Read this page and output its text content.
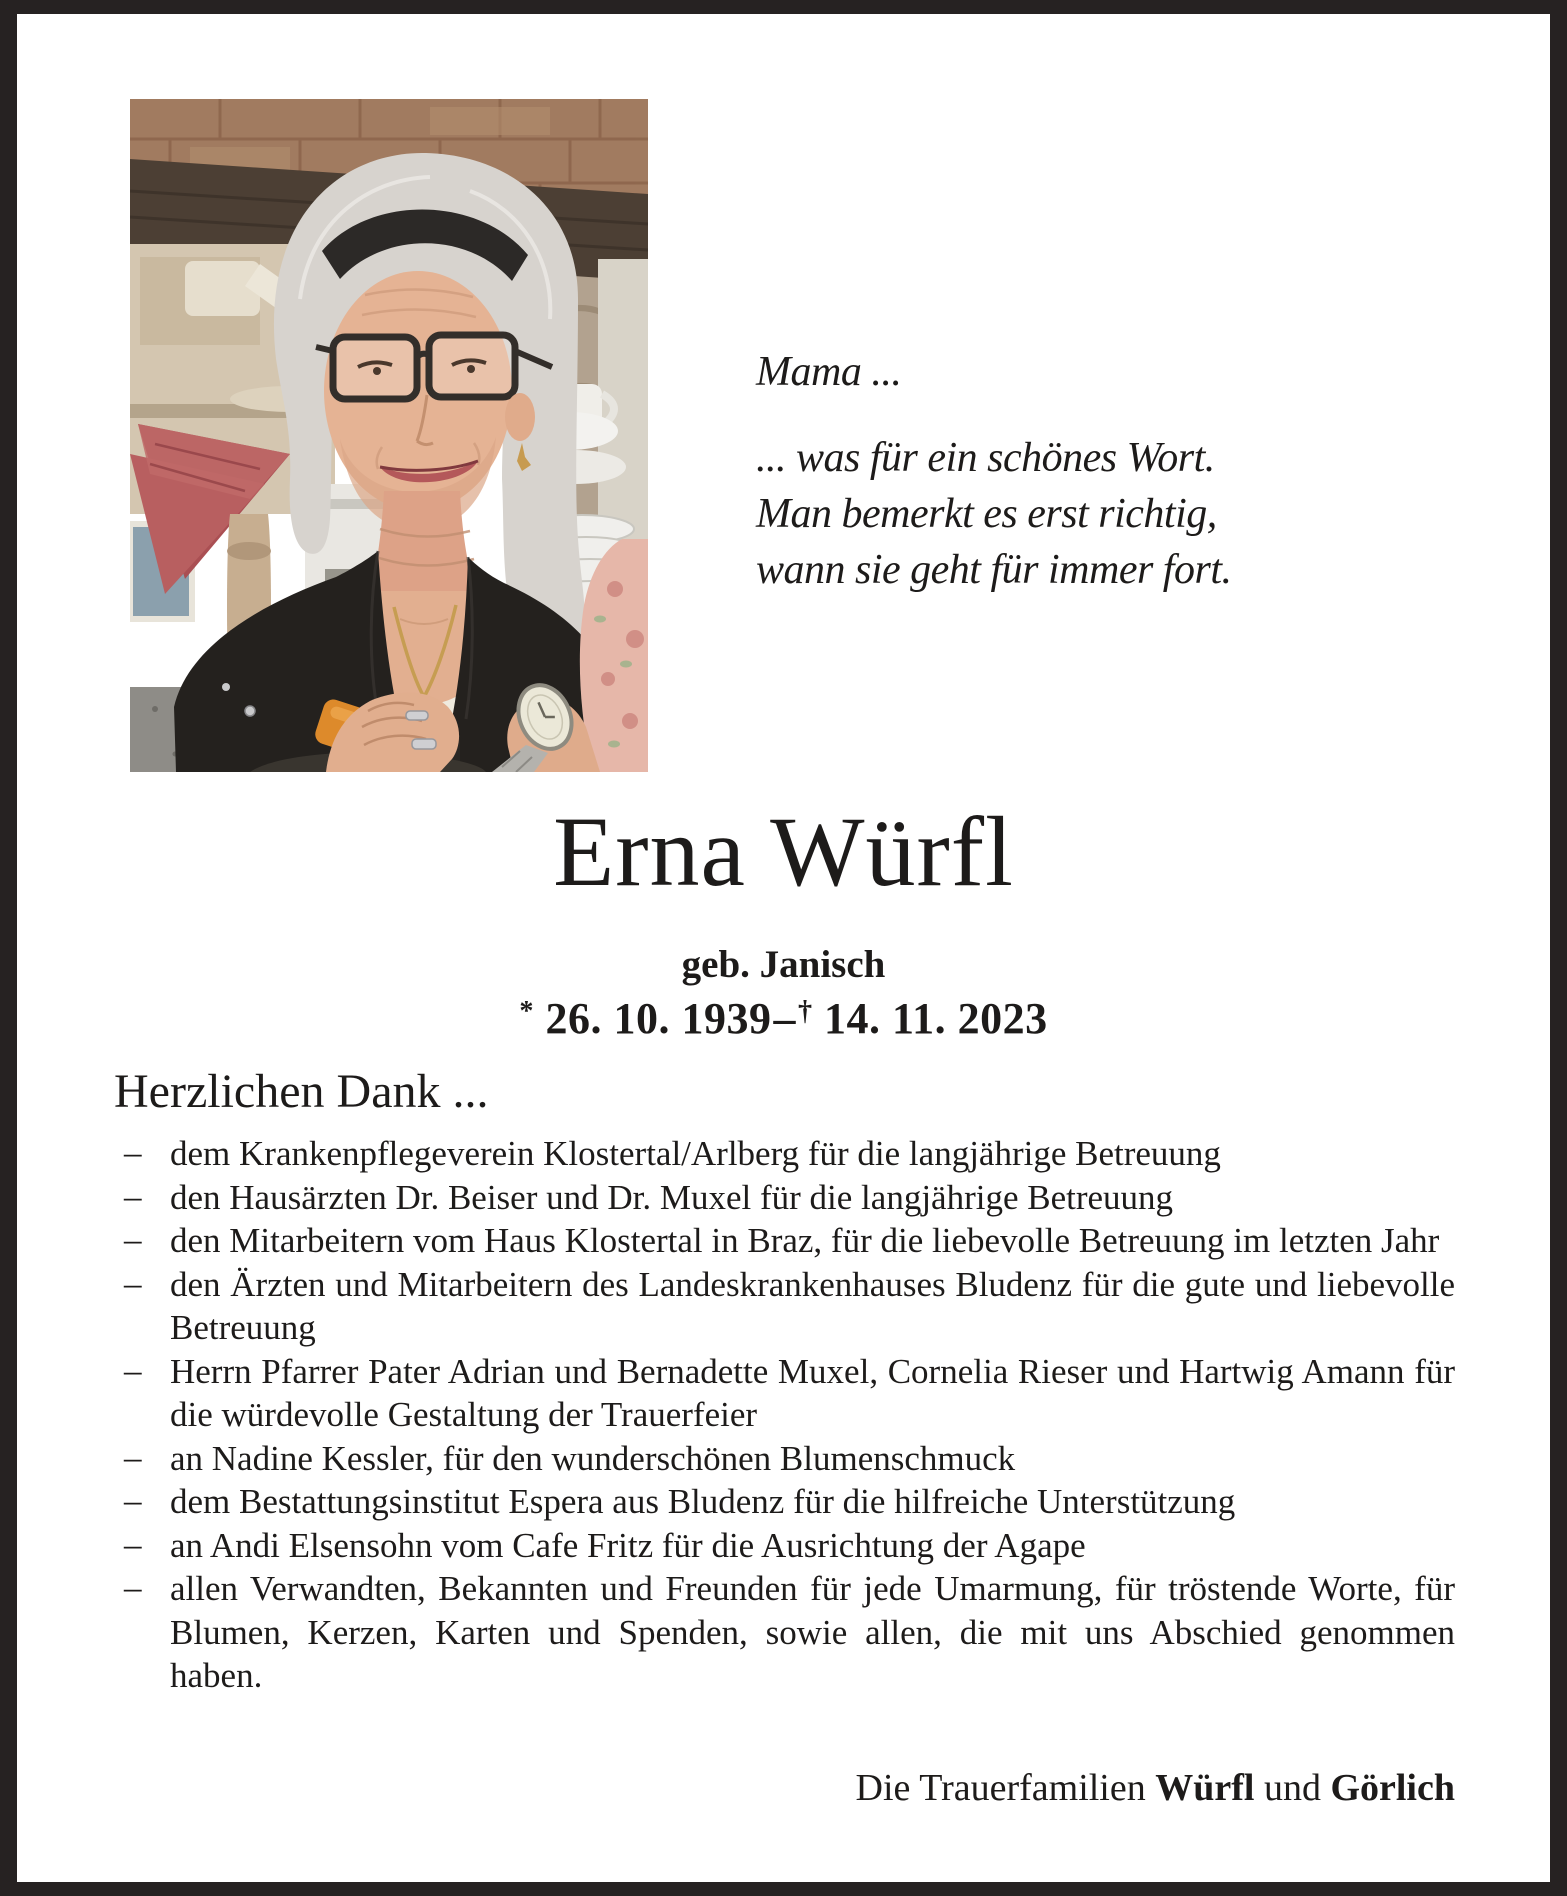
Mama ...
... was für ein schönes Wort.
Man bemerkt es erst richtig,
wann sie geht für immer fort.
Erna Würfl
geb. Janisch
* 26. 10. 1939–† 14. 11. 2023
Herzlichen Dank ...
– dem Krankenpflegeverein Klostertal/Arlberg für die langjährige Betreuung
– den Hausärzten Dr. Beiser und Dr. Muxel für die langjährige Betreuung
– den Mitarbeitern vom Haus Klostertal in Braz, für die liebevolle Betreuung im letzten Jahr
– den Ärzten und Mitarbeitern des Landeskrankenhauses Bludenz für die gute und liebevolle Betreuung
– Herrn Pfarrer Pater Adrian und Bernadette Muxel, Cornelia Rieser und Hartwig Amann für die würdevolle Gestaltung der Trauerfeier
– an Nadine Kessler, für den wunderschönen Blumenschmuck
– dem Bestattungsinstitut Espera aus Bludenz für die hilfreiche Unterstützung
– an Andi Elsensohn vom Cafe Fritz für die Ausrichtung der Agape
– allen Verwandten, Bekannten und Freunden für jede Umarmung, für tröstende Worte, für Blumen, Kerzen, Karten und Spenden, sowie allen, die mit uns Abschied genommen haben.
Die Trauerfamilien Würfl und Görlich
